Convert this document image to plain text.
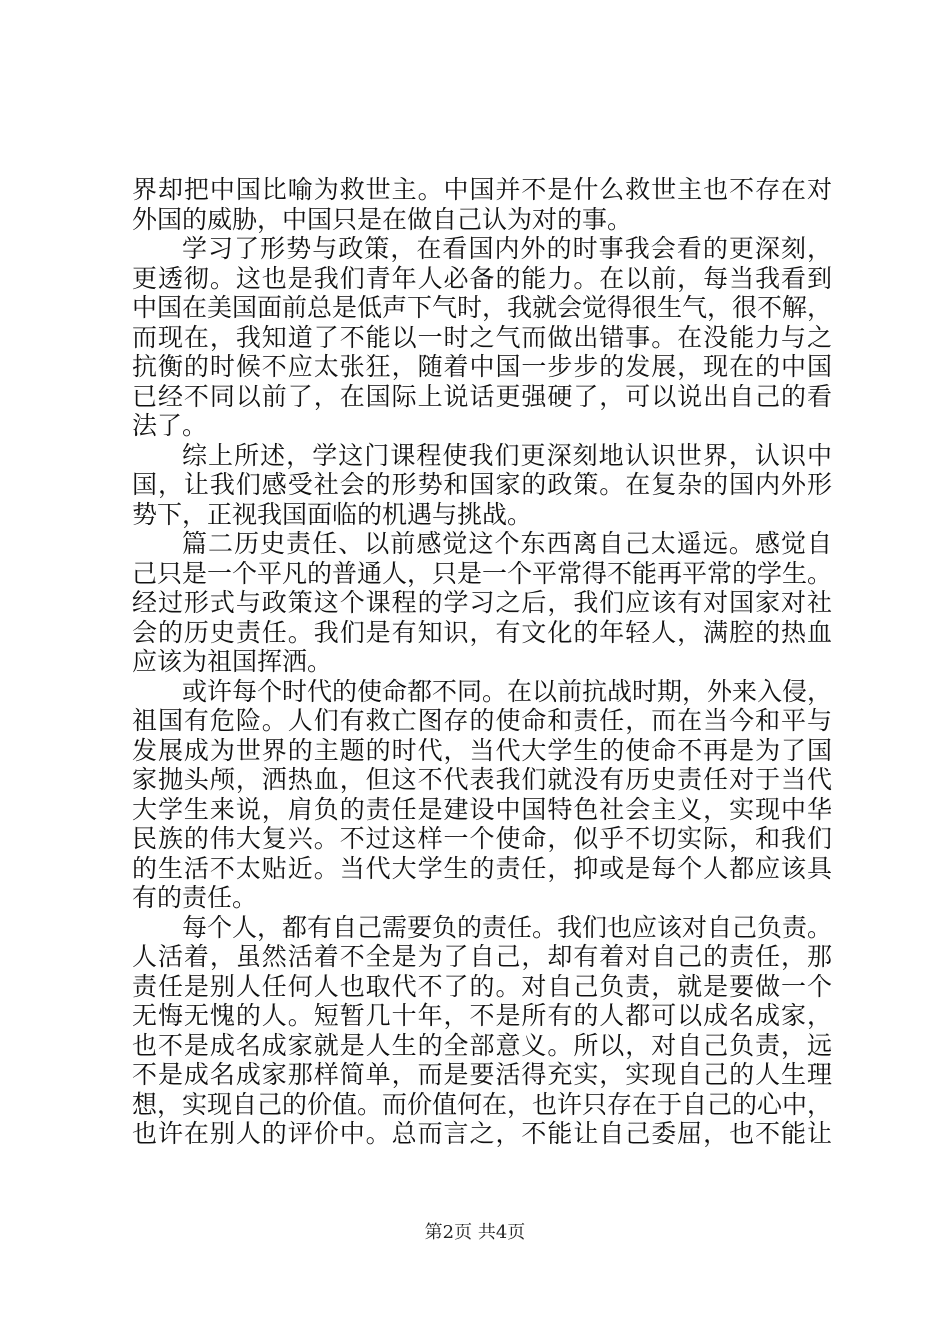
界却把中国比喻为救世主。中国并不是什么救世主也不存在对
外国的威胁，中国只是在做自己认为对的事。
学习了形势与政策，在看国内外的时事我会看的更深刻，
更透彻。这也是我们青年人必备的能力。在以前，每当我看到
中国在美国面前总是低声下气时，我就会觉得很生气，很不解，
而现在，我知道了不能以一时之气而做出错事。在没能力与之
抗衡的时候不应太张狂，随着中国一步步的发展，现在的中国
已经不同以前了，在国际上说话更强硬了，可以说出自己的看
法了。
综上所述，学这门课程使我们更深刻地认识世界，认识中
国，让我们感受社会的形势和国家的政策。在复杂的国内外形
势下，正视我国面临的机遇与挑战。
篇二历史责任、以前感觉这个东西离自己太遥远。感觉自
己只是一个平凡的普通人，只是一个平常得不能再平常的学生。
经过形式与政策这个课程的学习之后，我们应该有对国家对社
会的历史责任。我们是有知识，有文化的年轻人，满腔的热血
应该为祖国挥洒。
或许每个时代的使命都不同。在以前抗战时期，外来入侵，
祖国有危险。人们有救亡图存的使命和责任，而在当今和平与
发展成为世界的主题的时代，当代大学生的使命不再是为了国
家抛头颅，洒热血，但这不代表我们就没有历史责任对于当代
大学生来说，肩负的责任是建设中国特色社会主义，实现中华
民族的伟大复兴。不过这样一个使命，似乎不切实际，和我们
的生活不太贴近。当代大学生的责任，抑或是每个人都应该具
有的责任。
每个人，都有自己需要负的责任。我们也应该对自己负责。
人活着，虽然活着不全是为了自己，却有着对自己的责任，那
责任是别人任何人也取代不了的。对自己负责，就是要做一个
无悔无愧的人。短暂几十年，不是所有的人都可以成名成家，
也不是成名成家就是人生的全部意义。所以，对自己负责，远
不是成名成家那样简单，而是要活得充实，实现自己的人生理
想，实现自己的价值。而价值何在，也许只存在于自己的心中，
也许在别人的评价中。总而言之，不能让自己委屈，也不能让
第2页 共4页
